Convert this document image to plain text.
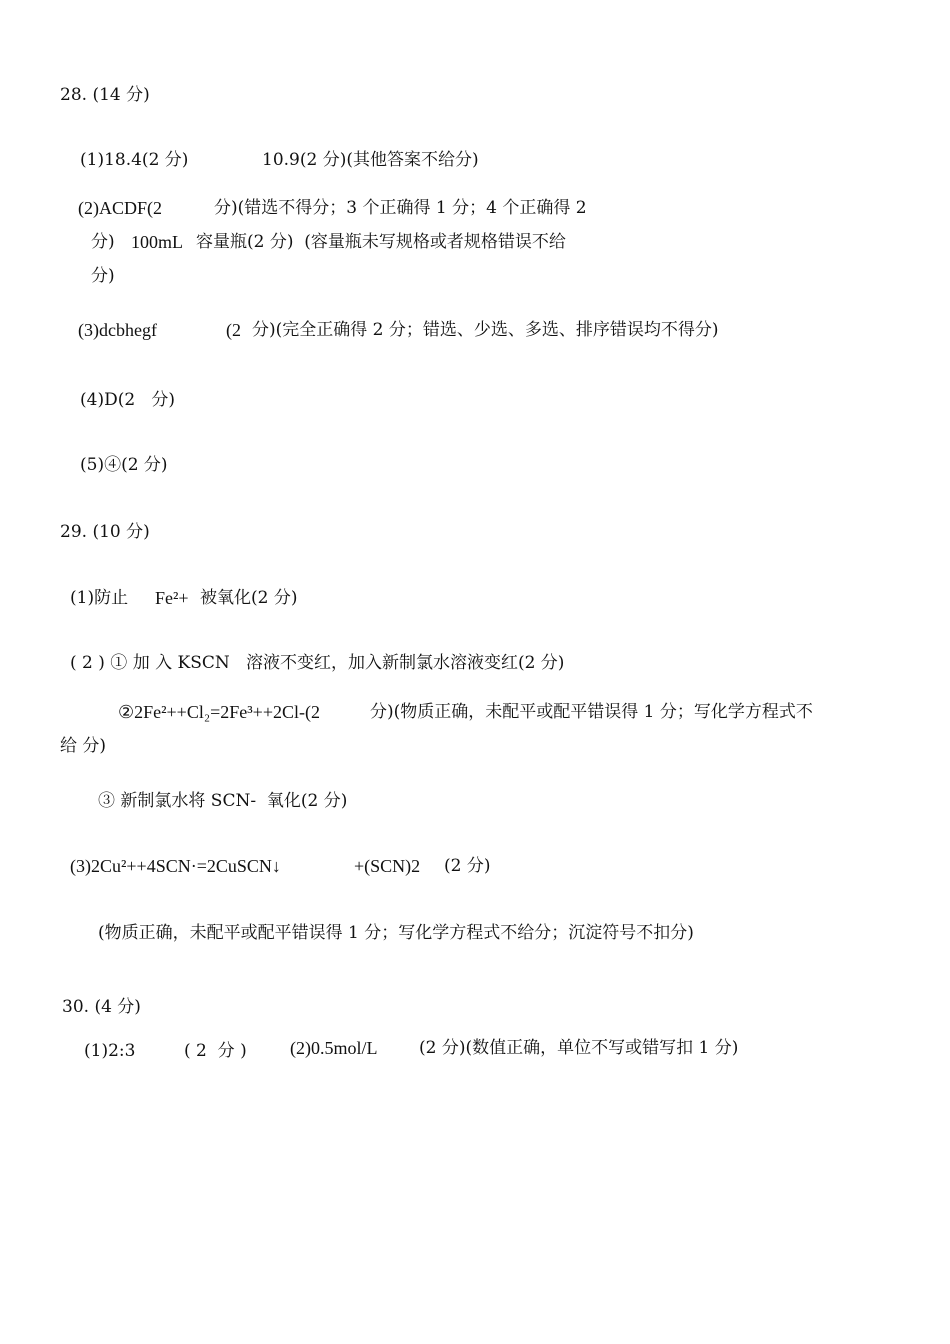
28. (14 分)
(1)18.4(2 分)	10.9(2 分)(其他答案不给分)
(2)ACDF(2	分)(错选不得分；3 个正确得 1 分；4 个正确得 2
分) 100mL 容量瓶(2 分)  (容量瓶未写规格或者规格错误不给
分)
(3)dcbhegf	(2 分)(完全正确得 2 分；错选、少选、多选、排序错误均不得分)
(4)D(2   分)
(5)④(2 分)
29. (10 分)
(1)防止 Fe²+ 被氧化(2 分)
( 2 ) ① 加 入 KSCN   溶液不变红，加入新制氯水溶液变红(2 分)
②2Fe²++Cl₂=2Fe³++2Cl-(2	分)(物质正确，未配平或配平错误得 1 分；写化学方程式不
给 分)
③ 新制氯水将 SCN-  氧化(2 分)
(3)2Cu²++4SCN·=2CuSCN↓	+(SCN)2 (2 分)
(物质正确，未配平或配平错误得 1 分；写化学方程式不给分；沉淀符号不扣分)
30. (4 分)
(1)2:3	( 2  分 ) (2)0.5mol/L (2 分)(数值正确，单位不写或错写扣 1 分)
